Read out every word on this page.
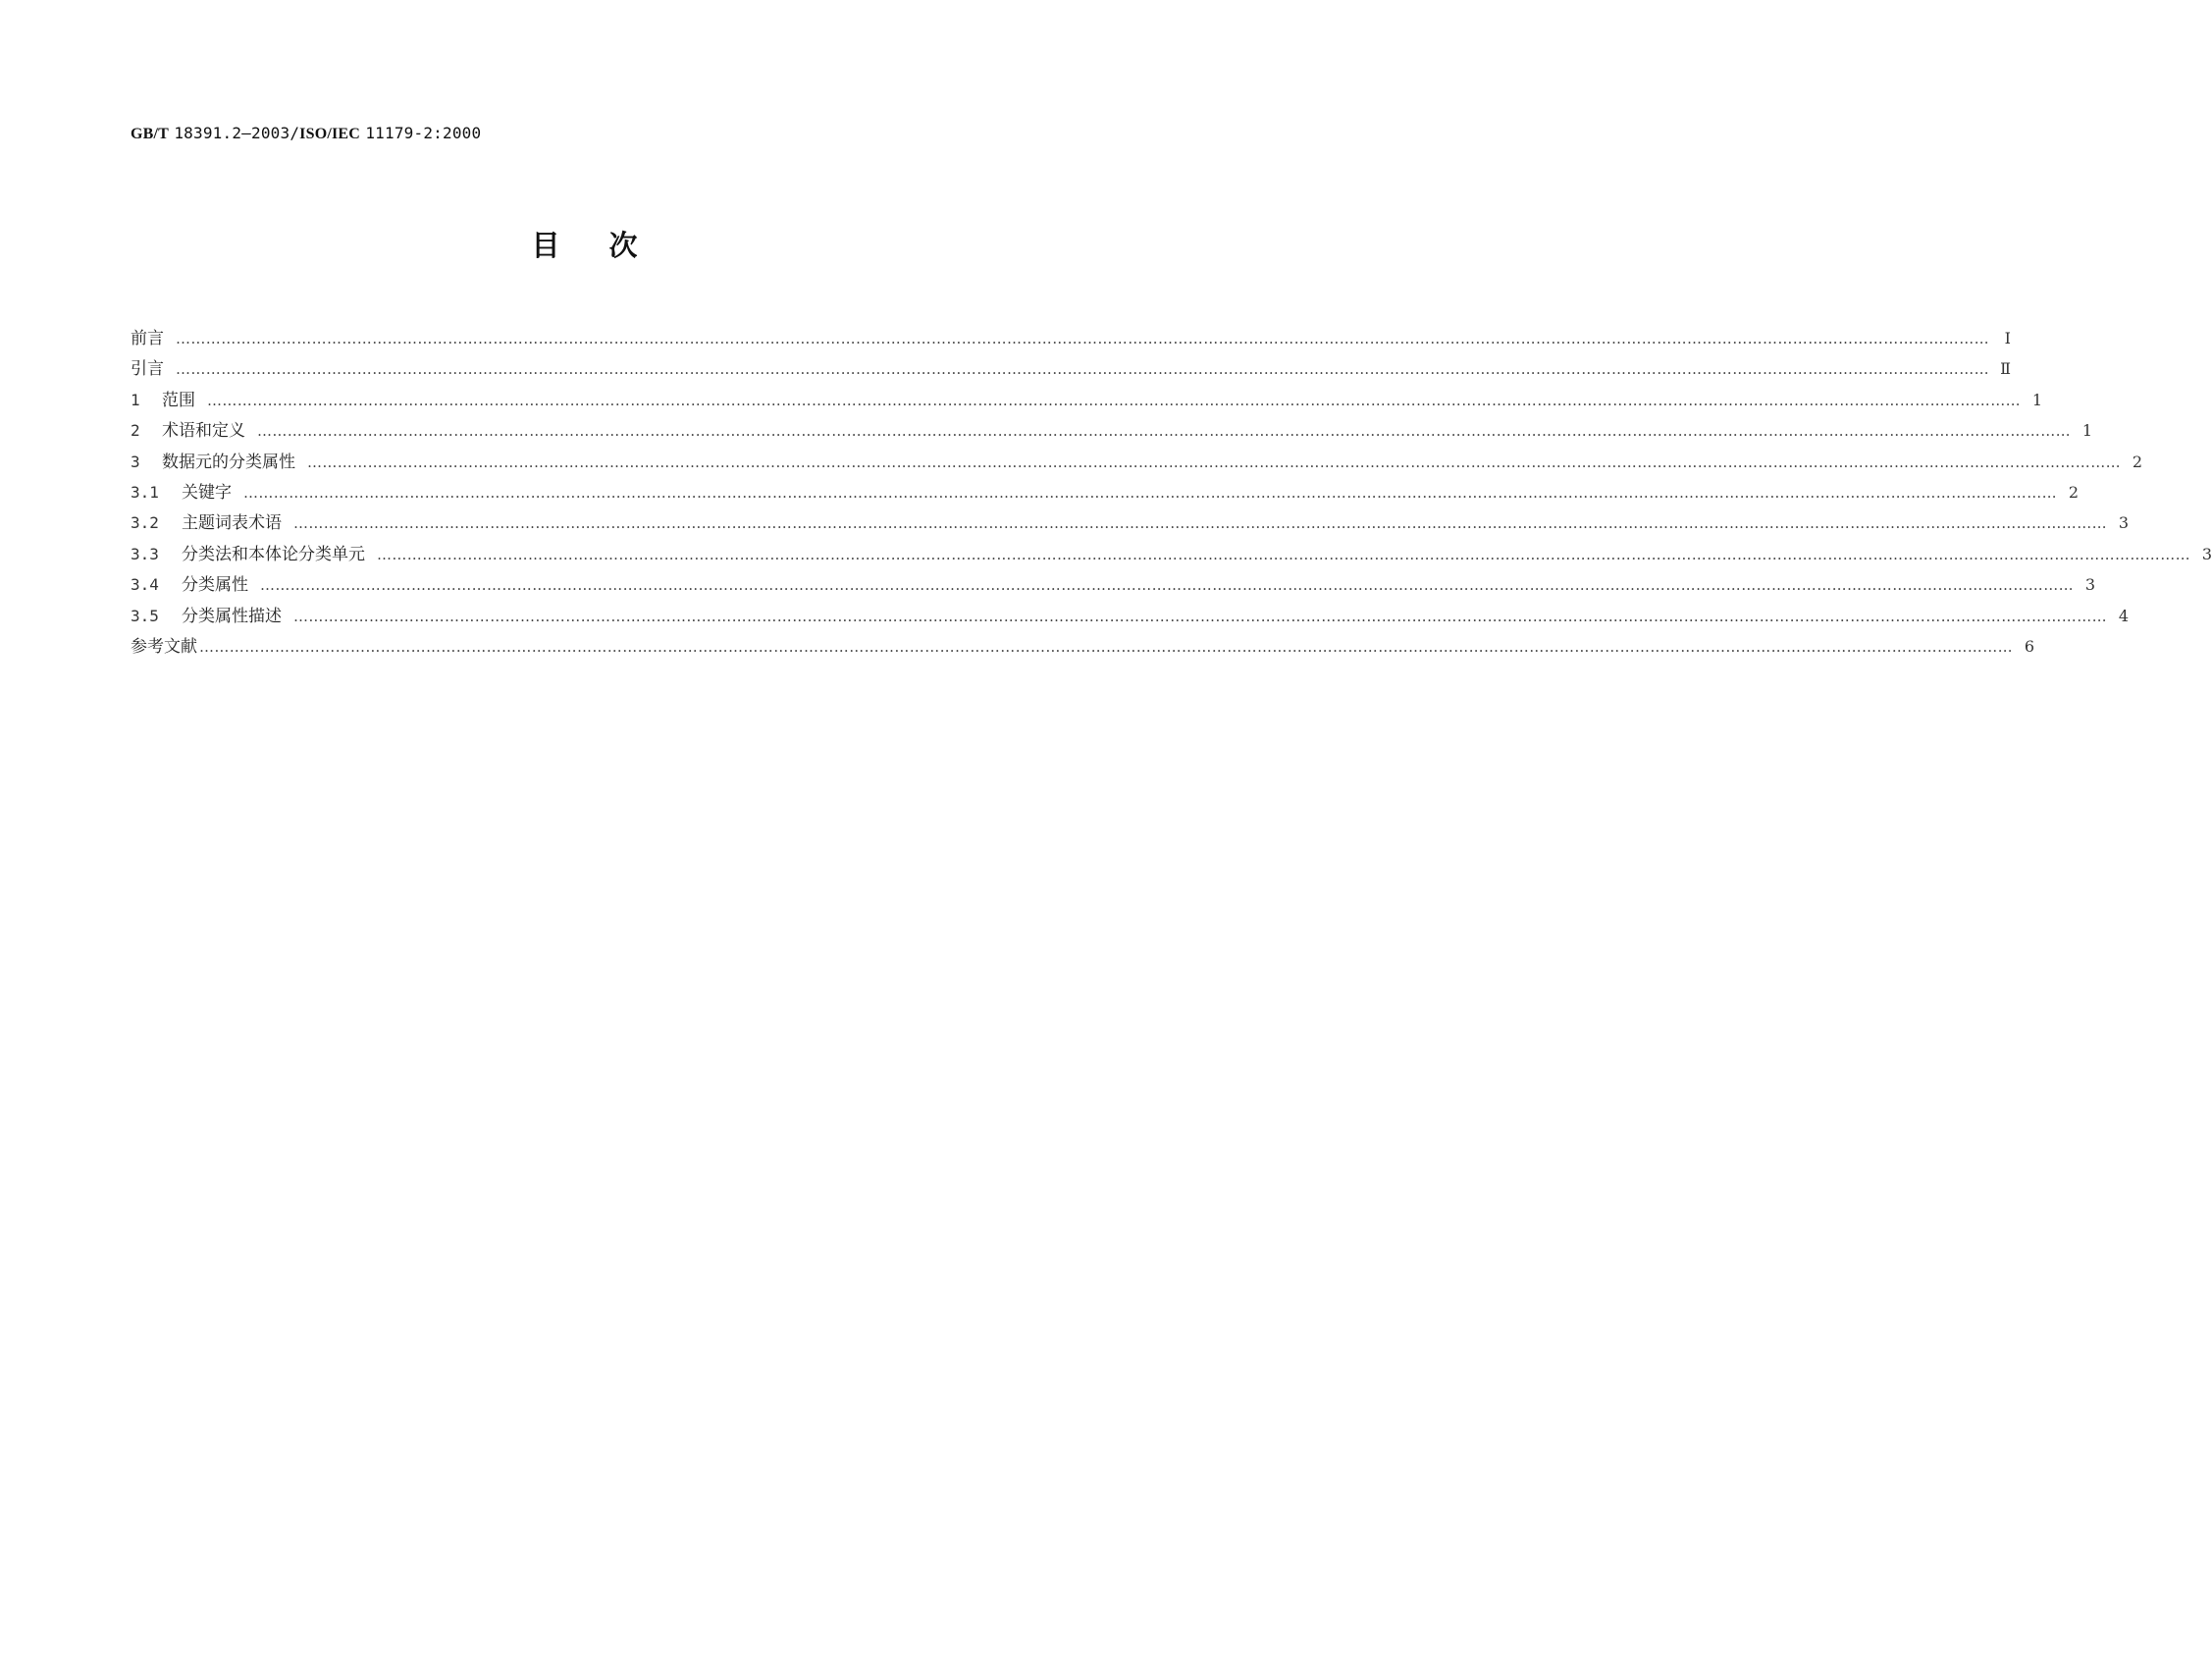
GB/T 18391.2—2003/ISO/IEC 11179-2:2000
目 次
前言 ……………………………………………………………………………………………………………………………………………………………………………………………………………………………………………………………………………………………………………………………… Ⅰ
引言 ……………………………………………………………………………………………………………………………………………………………………………………………………………………………………………………………………………………………………………………………… Ⅱ
1 范围 ……………………………………………………………………………………………………………………………………………………………………………………………………………………………………………………………………………………………………………………………… 1
2 术语和定义 ……………………………………………………………………………………………………………………………………………………………………………………………………………………………………………………………………………………………………………………………… 1
3 数据元的分类属性 ……………………………………………………………………………………………………………………………………………………………………………………………………………………………………………………………………………………………………………………………… 2
3.1 关键字 ……………………………………………………………………………………………………………………………………………………………………………………………………………………………………………………………………………………………………………………………… 2
3.2 主题词表术语 ……………………………………………………………………………………………………………………………………………………………………………………………………………………………………………………………………………………………………………………………… 3
3.3 分类法和本体论分类单元 ……………………………………………………………………………………………………………………………………………………………………………………………………………………………………………………………………………………………………………………………… 3
3.4 分类属性 ……………………………………………………………………………………………………………………………………………………………………………………………………………………………………………………………………………………………………………………………… 3
3.5 分类属性描述 ……………………………………………………………………………………………………………………………………………………………………………………………………………………………………………………………………………………………………………………………… 4
参考文献 ……………………………………………………………………………………………………………………………………………………………………………………………………………………………………………………………………………………………………………………………… 6
